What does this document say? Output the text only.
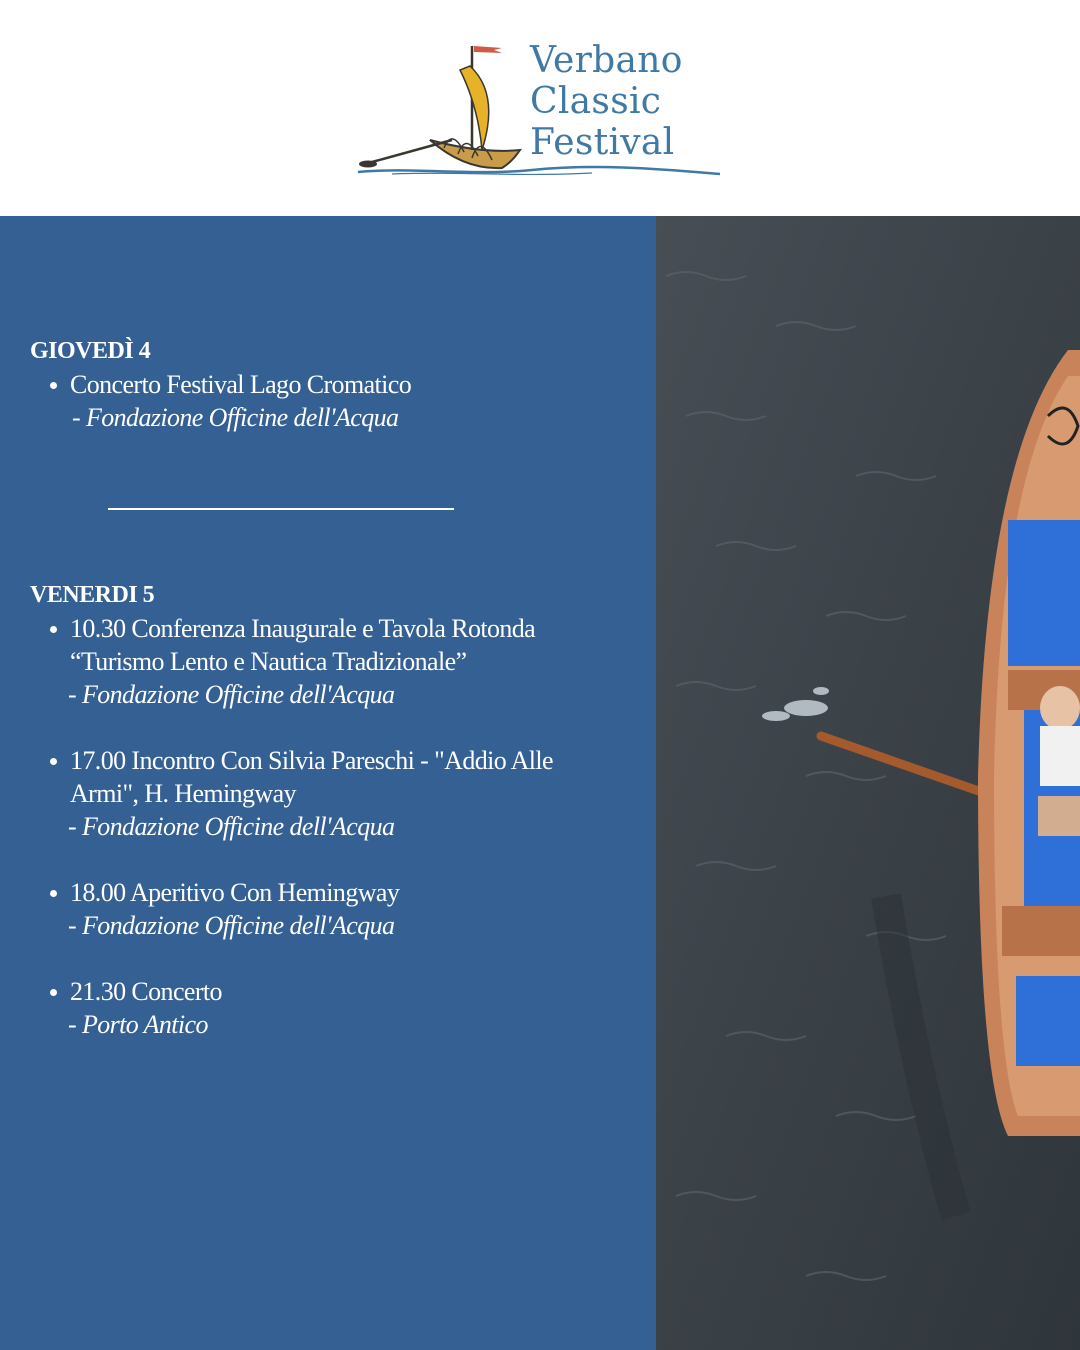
Verbano
Classic
Festival
GIOVEDÌ 4
Concerto Festival Lago Cromatico
- Fondazione Officine dell'Acqua
VENERDI 5
10.30 Conferenza Inaugurale e Tavola Rotonda
“Turismo Lento e Nautica Tradizionale”
- Fondazione Officine dell'Acqua
17.00 Incontro Con Silvia Pareschi - "Addio Alle
Armi", H. Hemingway
- Fondazione Officine dell'Acqua
18.00 Aperitivo Con Hemingway
- Fondazione Officine dell'Acqua
21.30 Concerto
- Porto Antico
